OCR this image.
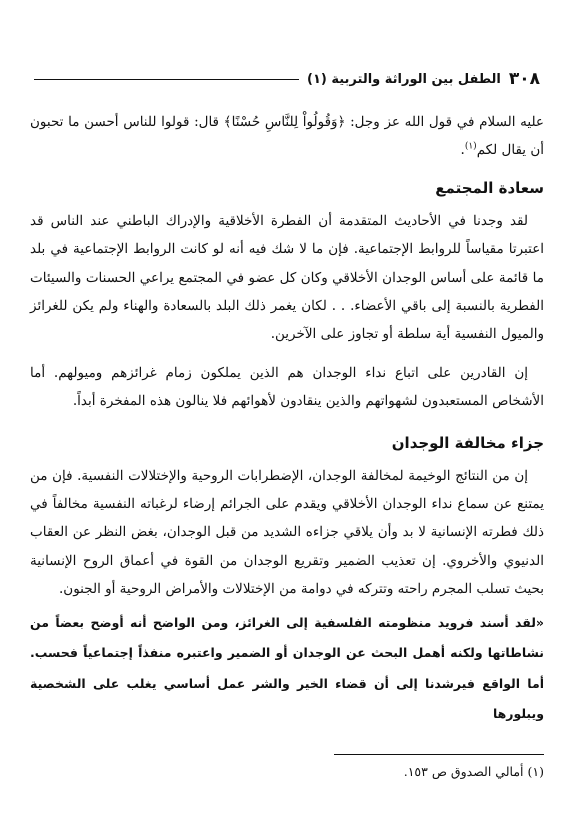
٣٠٨
الطفل بين الوراثة والتربية (١)

عليه السلام في قول الله عز وجل: ﴿وَقُولُواْ لِلنَّاسِ حُسْنًا﴾ قال: قولوا للناس أحسن ما تحبون أن يقال لكم$^{(١)}$.

سعادة المجتمع

لقد وجدنا في الأحاديث المتقدمة أن الفطرة الأخلاقية والإدراك الباطني عند الناس قد اعتبرتا مقياساً للروابط الإجتماعية. فإن ما لا شك فيه أنه لو كانت الروابط الإجتماعية في بلد ما قائمة على أساس الوجدان الأخلاقي وكان كل عضو في المجتمع يراعي الحسنات والسيئات الفطرية بالنسبة إلى باقي الأعضاء. . . لكان يغمر ذلك البلد بالسعادة والهناء ولم يكن للغرائز والميول النفسية أية سلطة أو تجاوز على الآخرين.

إن القادرين على اتباع نداء الوجدان هم الذين يملكون زمام غرائزهم وميولهم. أما الأشخاص المستعبدون لشهواتهم والذين ينقادون لأهوائهم فلا ينالون هذه المفخرة أبداً.

جزاء مخالفة الوجدان

إن من النتائج الوخيمة لمخالفة الوجدان، الإضطرابات الروحية والإختلالات النفسية. فإن من يمتنع عن سماع نداء الوجدان الأخلاقي ويقدم على الجرائم إرضاء لرغباته النفسية مخالفاً في ذلك فطرته الإنسانية لا بد وأن يلاقي جزاءه الشديد من قبل الوجدان، بغض النظر عن العقاب الدنيوي والأخروي. إن تعذيب الضمير وتقريع الوجدان من القوة في أعماق الروح الإنسانية بحيث تسلب المجرم راحته وتتركه في دوامة من الإختلالات والأمراض الروحية أو الجنون.

«لقد أسند فرويد منظومته الفلسفية إلى الغرائز، ومن الواضح أنه أوضح بعضاً من نشاطاتها ولكنه أهمل البحث عن الوجدان أو الضمير واعتبره منفذاً إجتماعياً فحسب. أما الواقع فيرشدنا إلى أن قضاء الخير والشر عمل أساسي يغلب على الشخصية ويبلورها

(١) أمالي الصدوق ص ١٥٣.
